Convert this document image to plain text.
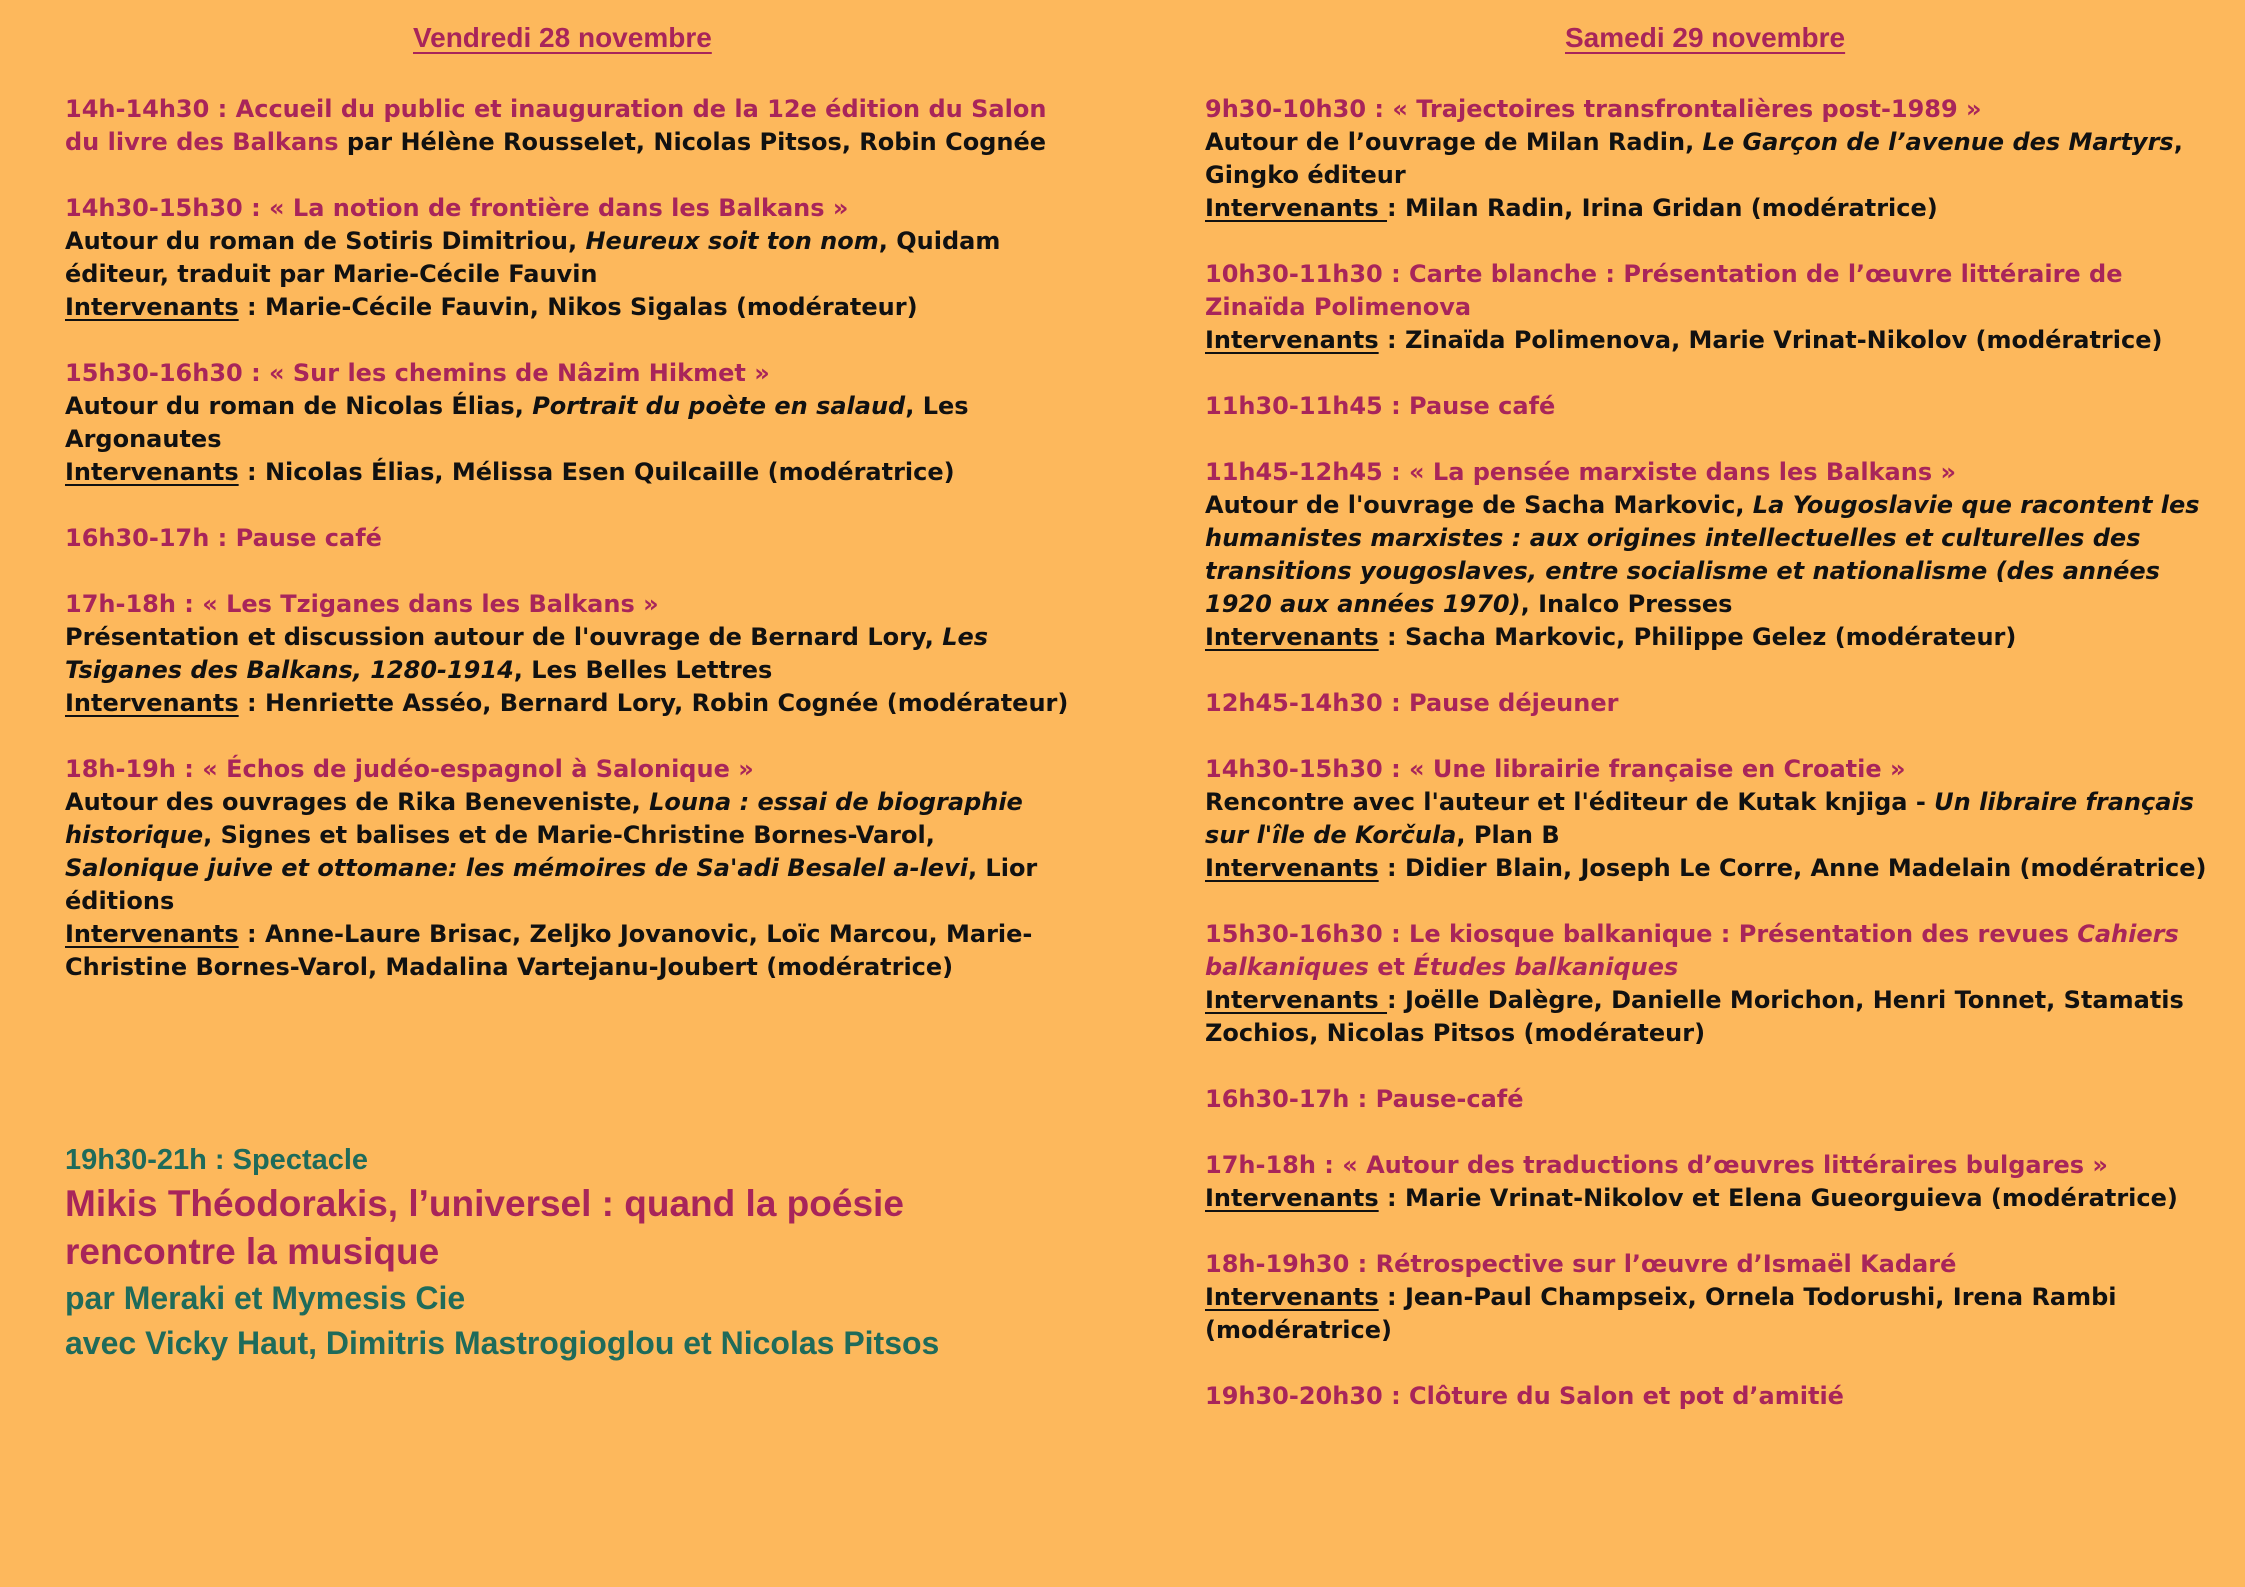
Vendredi 28 novembre

14h-14h30 : Accueil du public et inauguration de la 12e édition du Salon du livre des Balkans par Hélène Rousselet, Nicolas Pitsos, Robin Cognée

14h30-15h30 : « La notion de frontière dans les Balkans »

Autour du roman de Sotiris Dimitriou, Heureux soit ton nom, Quidam éditeur, traduit par Marie-Cécile Fauvin

Intervenants : Marie-Cécile Fauvin, Nikos Sigalas (modérateur)

15h30-16h30 : « Sur les chemins de Nâzim Hikmet »

Autour du roman de Nicolas Élias, Portrait du poète en salaud, Les Argonautes

Intervenants : Nicolas Élias, Mélissa Esen Quilcaille (modératrice)

16h30-17h : Pause café

17h-18h : « Les Tziganes dans les Balkans »

Présentation et discussion autour de l'ouvrage de Bernard Lory, Les Tsiganes des Balkans, 1280-1914, Les Belles Lettres

Intervenants : Henriette Asséo, Bernard Lory, Robin Cognée (modérateur)

18h-19h : « Échos de judéo-espagnol à Salonique »

Autour des ouvrages de Rika Beneveniste, Louna : essai de biographie historique, Signes et balises et de Marie-Christine Bornes-Varol, Salonique juive et ottomane: les mémoires de Sa'adi Besalel a-levi, Lior éditions

Intervenants : Anne-Laure Brisac, Zeljko Jovanovic, Loïc Marcou, Marie-Christine Bornes-Varol, Madalina Vartejanu-Joubert (modératrice)

19h30-21h : Spectacle
Mikis Théodorakis, l’universel : quand la poésie rencontre la musique
par Meraki et Mymesis Cie
avec Vicky Haut, Dimitris Mastrogioglou et Nicolas Pitsos
Samedi 29 novembre

9h30-10h30 : « Trajectoires transfrontalières post-1989 »

Autour de l’ouvrage de Milan Radin, Le Garçon de l’avenue des Martyrs, Gingko éditeur

Intervenants : Milan Radin, Irina Gridan (modératrice)

10h30-11h30 : Carte blanche : Présentation de l’œuvre littéraire de Zinaïda Polimenova

Intervenants : Zinaïda Polimenova, Marie Vrinat-Nikolov (modératrice)

11h30-11h45 : Pause café

11h45-12h45 : « La pensée marxiste dans les Balkans »

Autour de l'ouvrage de Sacha Markovic, La Yougoslavie que racontent les humanistes marxistes : aux origines intellectuelles et culturelles des transitions yougoslaves, entre socialisme et nationalisme (des années 1920 aux années 1970), Inalco Presses

Intervenants : Sacha Markovic, Philippe Gelez (modérateur)

12h45-14h30 : Pause déjeuner

14h30-15h30 : « Une librairie française en Croatie »

Rencontre avec l'auteur et l'éditeur de Kutak knjiga - Un libraire français sur l'île de Korčula, Plan B

Intervenants : Didier Blain, Joseph Le Corre, Anne Madelain (modératrice)

15h30-16h30 : Le kiosque balkanique : Présentation des revues Cahiers balkaniques et Études balkaniques

Intervenants : Joëlle Dalègre, Danielle Morichon, Henri Tonnet, Stamatis Zochios, Nicolas Pitsos (modérateur)

16h30-17h : Pause-café

17h-18h : « Autour des traductions d’œuvres littéraires bulgares »

Intervenants : Marie Vrinat-Nikolov et Elena Gueorguieva (modératrice)

18h-19h30 : Rétrospective sur l’œuvre d’Ismaël Kadaré

Intervenants : Jean-Paul Champseix, Ornela Todorushi, Irena Rambi (modératrice)

19h30-20h30 : Clôture du Salon et pot d’amitié
